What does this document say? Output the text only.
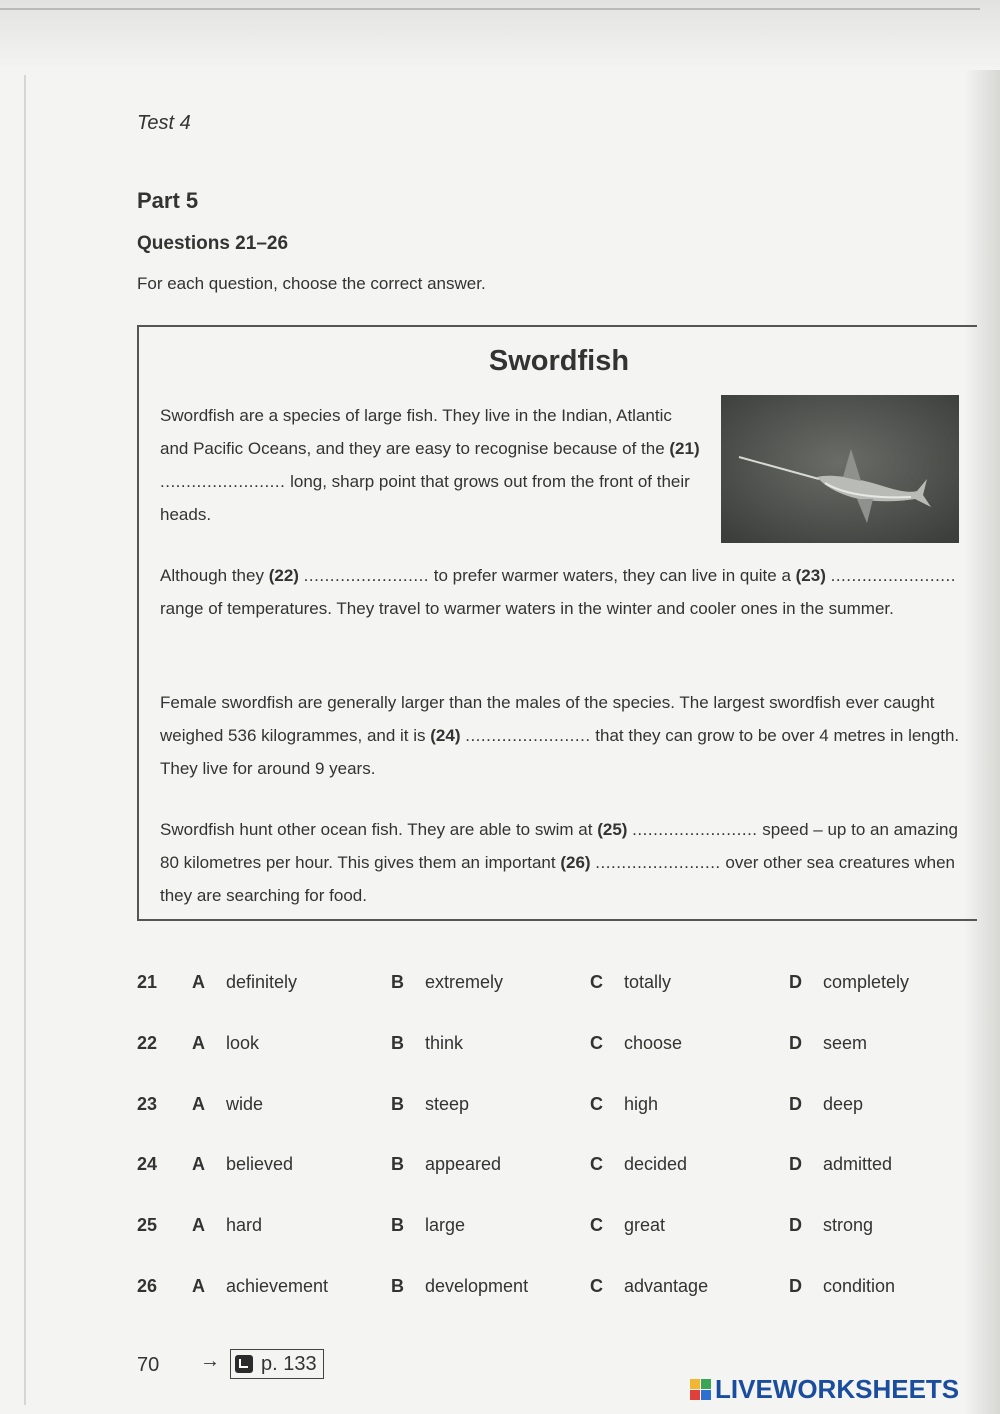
Test 4
Part 5
Questions 21–26
For each question, choose the correct answer.
Swordfish
Swordfish are a species of large fish. They live in the Indian, Atlantic and Pacific Oceans, and they are easy to recognise because of the (21) ........................ long, sharp point that grows out from the front of their heads.
Although they (22) ........................ to prefer warmer waters, they can live in quite a (23) ........................ range of temperatures. They travel to warmer waters in the winter and cooler ones in the summer.
Female swordfish are generally larger than the males of the species. The largest swordfish ever caught weighed 536 kilogrammes, and it is (24) ........................ that they can grow to be over 4 metres in length. They live for around 9 years.
Swordfish hunt other ocean fish. They are able to swim at (25) ........................ speed – up to an amazing 80 kilometres per hour. This gives them an important (26) ........................ over other sea creatures when they are searching for food.
21 A definitely	B extremely	C totally	D completely
22 A look	B think	C choose	D seem
23 A wide	B steep	C high	D deep
24 A believed	B appeared	C decided	D admitted
25 A hard	B large	C great	D strong
26 A achievement	B development	C advantage	D condition
70 → p. 133
LIVEWORKSHEETS
